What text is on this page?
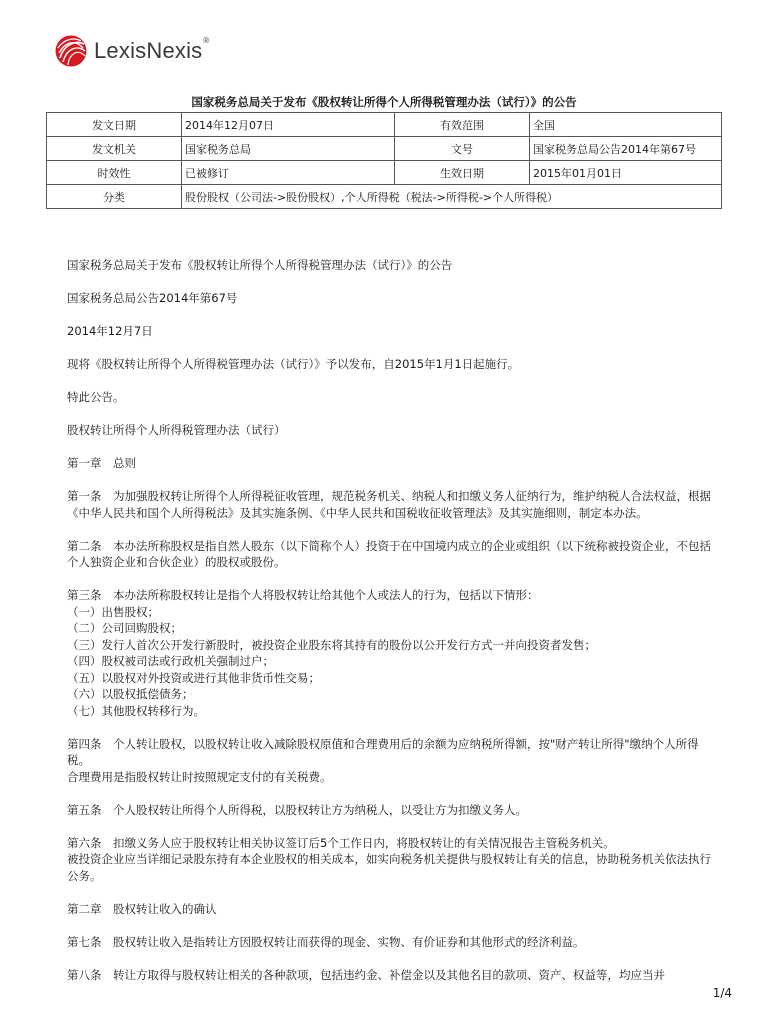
LexisNexis®
国家税务总局关于发布《股权转让所得个人所得税管理办法（试行）》的公告
发文日期	2014年12月07日	有效范围	全国
发文机关	国家税务总局	文号	国家税务总局公告2014年第67号
时效性	已被修订	生效日期	2015年01月01日
分类	股份股权（公司法->股份股权）,个人所得税（税法->所得税->个人所得税）		

国家税务总局关于发布《股权转让所得个人所得税管理办法（试行）》的公告

国家税务总局公告2014年第67号

2014年12月7日

现将《股权转让所得个人所得税管理办法（试行）》予以发布，自2015年1月1日起施行。

特此公告。

股权转让所得个人所得税管理办法（试行）

第一章　总则

第一条　为加强股权转让所得个人所得税征收管理，规范税务机关、纳税人和扣缴义务人征纳行为，维护纳税人合法权益，根据《中华人民共和国个人所得税法》及其实施条例、《中华人民共和国税收征收管理法》及其实施细则，制定本办法。

第二条　本办法所称股权是指自然人股东（以下简称个人）投资于在中国境内成立的企业或组织（以下统称被投资企业，不包括个人独资企业和合伙企业）的股权或股份。

第三条　本办法所称股权转让是指个人将股权转让给其他个人或法人的行为，包括以下情形：

（一）出售股权；

（二）公司回购股权；

（三）发行人首次公开发行新股时，被投资企业股东将其持有的股份以公开发行方式一并向投资者发售；

（四）股权被司法或行政机关强制过户；

（五）以股权对外投资或进行其他非货币性交易；

（六）以股权抵偿债务；

（七）其他股权转移行为。

第四条　个人转让股权，以股权转让收入减除股权原值和合理费用后的余额为应纳税所得额，按"财产转让所得"缴纳个人所得税。

合理费用是指股权转让时按照规定支付的有关税费。

第五条　个人股权转让所得个人所得税，以股权转让方为纳税人，以受让方为扣缴义务人。

第六条　扣缴义务人应于股权转让相关协议签订后5个工作日内，将股权转让的有关情况报告主管税务机关。

被投资企业应当详细记录股东持有本企业股权的相关成本，如实向税务机关提供与股权转让有关的信息，协助税务机关依法执行公务。

第二章　股权转让收入的确认

第七条　股权转让收入是指转让方因股权转让而获得的现金、实物、有价证券和其他形式的经济利益。

第八条　转让方取得与股权转让相关的各种款项，包括违约金、补偿金以及其他名目的款项、资产、权益等，均应当并

1/4
